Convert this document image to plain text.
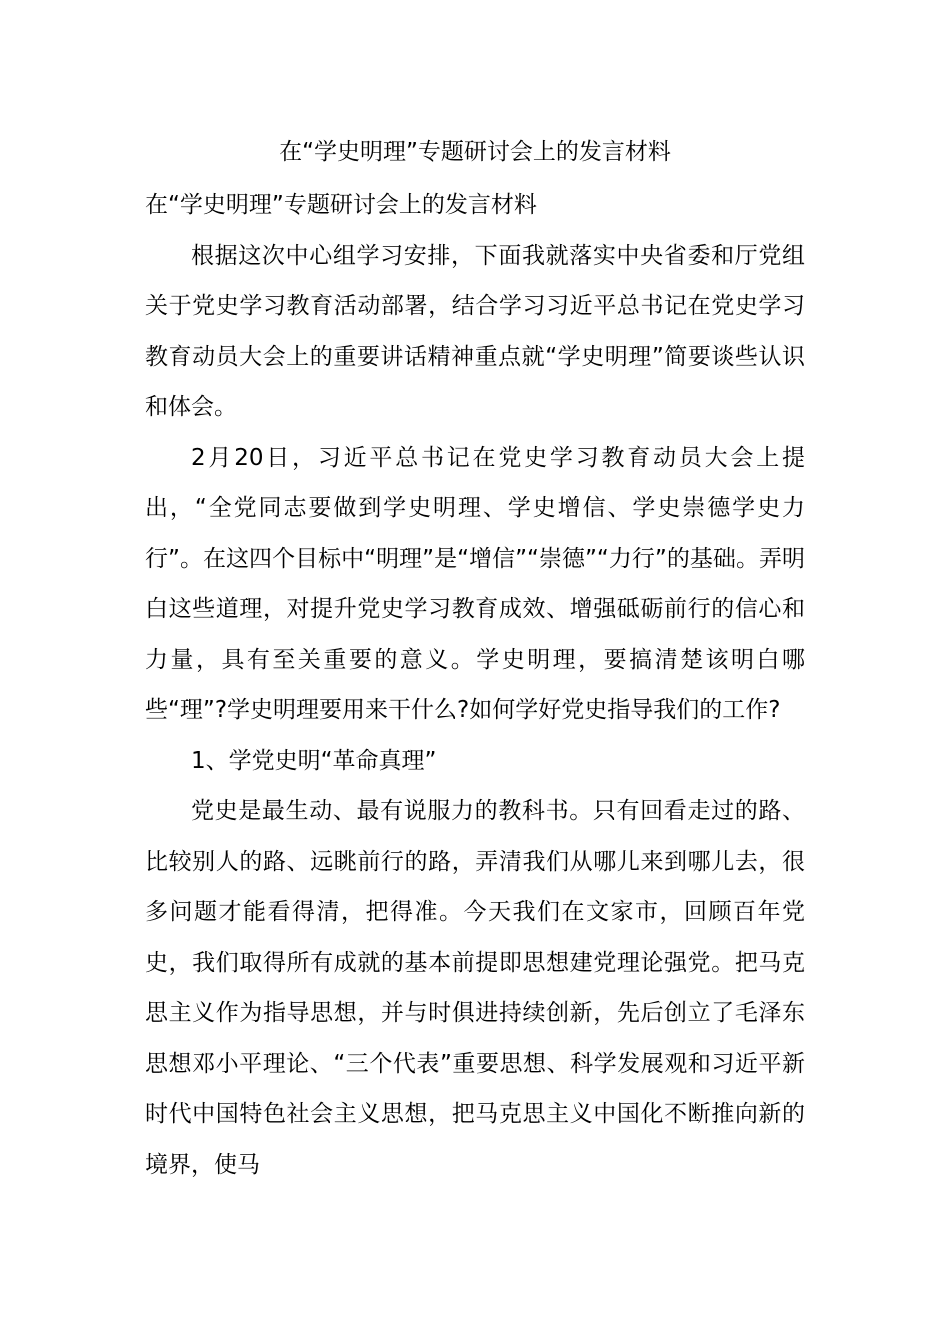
在“学史明理”专题研讨会上的发言材料

在“学史明理”专题研讨会上的发言材料

根据这次中心组学习安排，下面我就落实中央省委和厅党组关于党史学习教育活动部署，结合学习习近平总书记在党史学习教育动员大会上的重要讲话精神重点就“学史明理”简要谈些认识和体会。

2月20日，习近平总书记在党史学习教育动员大会上提出，“全党同志要做到学史明理、学史增信、学史崇德学史力行”。在这四个目标中“明理”是“增信”“崇德”“力行”的基础。弄明白这些道理，对提升党史学习教育成效、增强砥砺前行的信心和力量，具有至关重要的意义。学史明理，要搞清楚该明白哪些“理”?学史明理要用来干什么?如何学好党史指导我们的工作?

1、学党史明“革命真理”

党史是最生动、最有说服力的教科书。只有回看走过的路、比较别人的路、远眺前行的路，弄清我们从哪儿来到哪儿去，很多问题才能看得清，把得准。今天我们在文家市，回顾百年党史，我们取得所有成就的基本前提即思想建党理论强党。把马克思主义作为指导思想，并与时俱进持续创新，先后创立了毛泽东思想邓小平理论、“三个代表”重要思想、科学发展观和习近平新时代中国特色社会主义思想，把马克思主义中国化不断推向新的境界，使马
